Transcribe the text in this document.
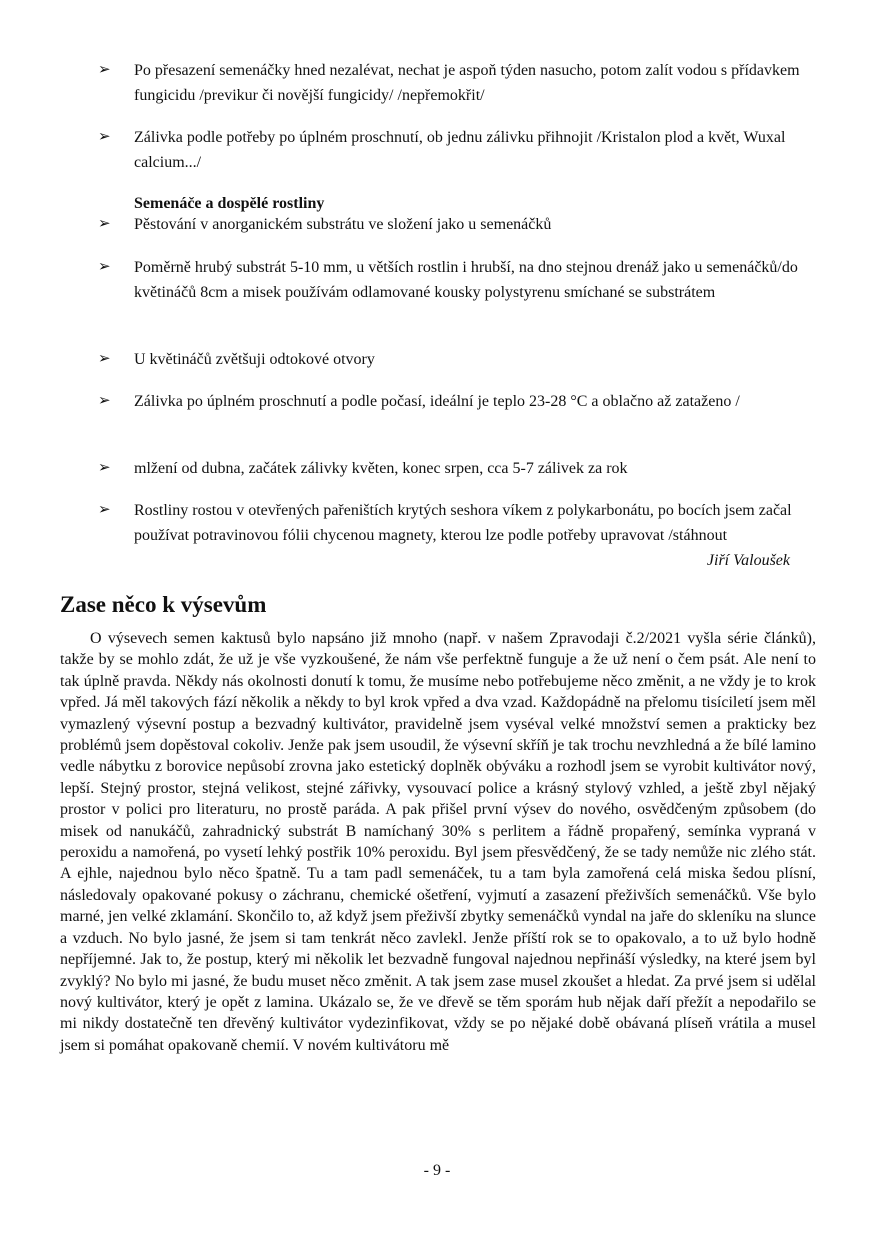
➢	Po přesazení semenáčky hned nezalévat, nechat je aspoň týden nasucho, potom zalít vodou s přídavkem fungicidu /previkur či novější fungicidy/ /nepřemokřit/
➢	Zálivka podle potřeby po úplném proschnutí, ob jednu zálivku přihnojit /Kristalon plod a květ, Wuxal calcium.../
Semenáče a dospělé rostliny
➢	Pěstování v anorganickém substrátu ve složení jako u semenáčků
➢	Poměrně hrubý substrát 5-10 mm, u větších rostlin i hrubší, na dno stejnou drenáž jako u semenáčků/do květináčů 8cm a misek používám odlamované kousky polystyrenu smíchané se substrátem
➢	U květináčů zvětšuji odtokové otvory
➢	Zálivka po úplném proschnutí a podle počasí, ideální je teplo 23-28 °C a oblačno až zataženo /
➢	mlžení od dubna, začátek zálivky květen, konec srpen, cca 5-7 zálivek za rok
➢	Rostliny rostou v otevřených pařeništích krytých seshora víkem z polykarbonátu, po bocích jsem začal používat potravinovou fólii chycenou magnety, kterou lze podle potřeby upravovat /stáhnout
Jiří Valoušek
Zase něco k výsevům

O výsevech semen kaktusů bylo napsáno již mnoho (např. v našem Zpravodaji č.2/2021 vyšla série článků), takže by se mohlo zdát, že už je vše vyzkoušené, že nám vše perfektně funguje a že už není o čem psát. Ale není to tak úplně pravda. Někdy nás okolnosti donutí k tomu, že musíme nebo potřebujeme něco změnit, a ne vždy je to krok vpřed. Já měl takových fází několik a někdy to byl krok vpřed a dva vzad. Každopádně na přelomu tisíciletí jsem měl vymazlený výsevní postup a bezvadný kultivátor, pravidelně jsem vyséval velké množství semen a prakticky bez problémů jsem dopěstoval cokoliv. Jenže pak jsem usoudil, že výsevní skříň je tak trochu nevzhledná a že bílé lamino vedle nábytku z borovice nepůsobí zrovna jako estetický doplněk obýváku a rozhodl jsem se vyrobit kultivátor nový, lepší. Stejný prostor, stejná velikost, stejné zářivky, vysouvací police a krásný stylový vzhled, a ještě zbyl nějaký prostor v polici pro literaturu, no prostě paráda. A pak přišel první výsev do nového, osvědčeným způsobem (do misek od nanukáčů, zahradnický substrát B namíchaný 30% s perlitem a řádně propařený, semínka vypraná v peroxidu a namořená, po vysetí lehký postřik 10% peroxidu. Byl jsem přesvědčený, že se tady nemůže nic zlého stát. A ejhle, najednou bylo něco špatně. Tu a tam padl semenáček, tu a tam byla zamořená celá miska šedou plísní, následovaly opakované pokusy o záchranu, chemické ošetření, vyjmutí a zasazení přeživších semenáčků. Vše bylo marné, jen velké zklamání. Skončilo to, až když jsem přeživší zbytky semenáčků vyndal na jaře do skleníku na slunce a vzduch. No bylo jasné, že jsem si tam tenkrát něco zavlekl. Jenže příští rok se to opakovalo, a to už bylo hodně nepříjemné. Jak to, že postup, který mi několik let bezvadně fungoval najednou nepřináší výsledky, na které jsem byl zvyklý? No bylo mi jasné, že budu muset něco změnit. A tak jsem zase musel zkoušet a hledat. Za prvé jsem si udělal nový kultivátor, který je opět z lamina. Ukázalo se, že ve dřevě se těm sporám hub nějak daří přežít a nepodařilo se mi nikdy dostatečně ten dřevěný kultivátor vydezinfikovat, vždy se po nějaké době obávaná plíseň vrátila a musel jsem si pomáhat opakovaně chemií. V novém kultivátoru mě

- 9 -
